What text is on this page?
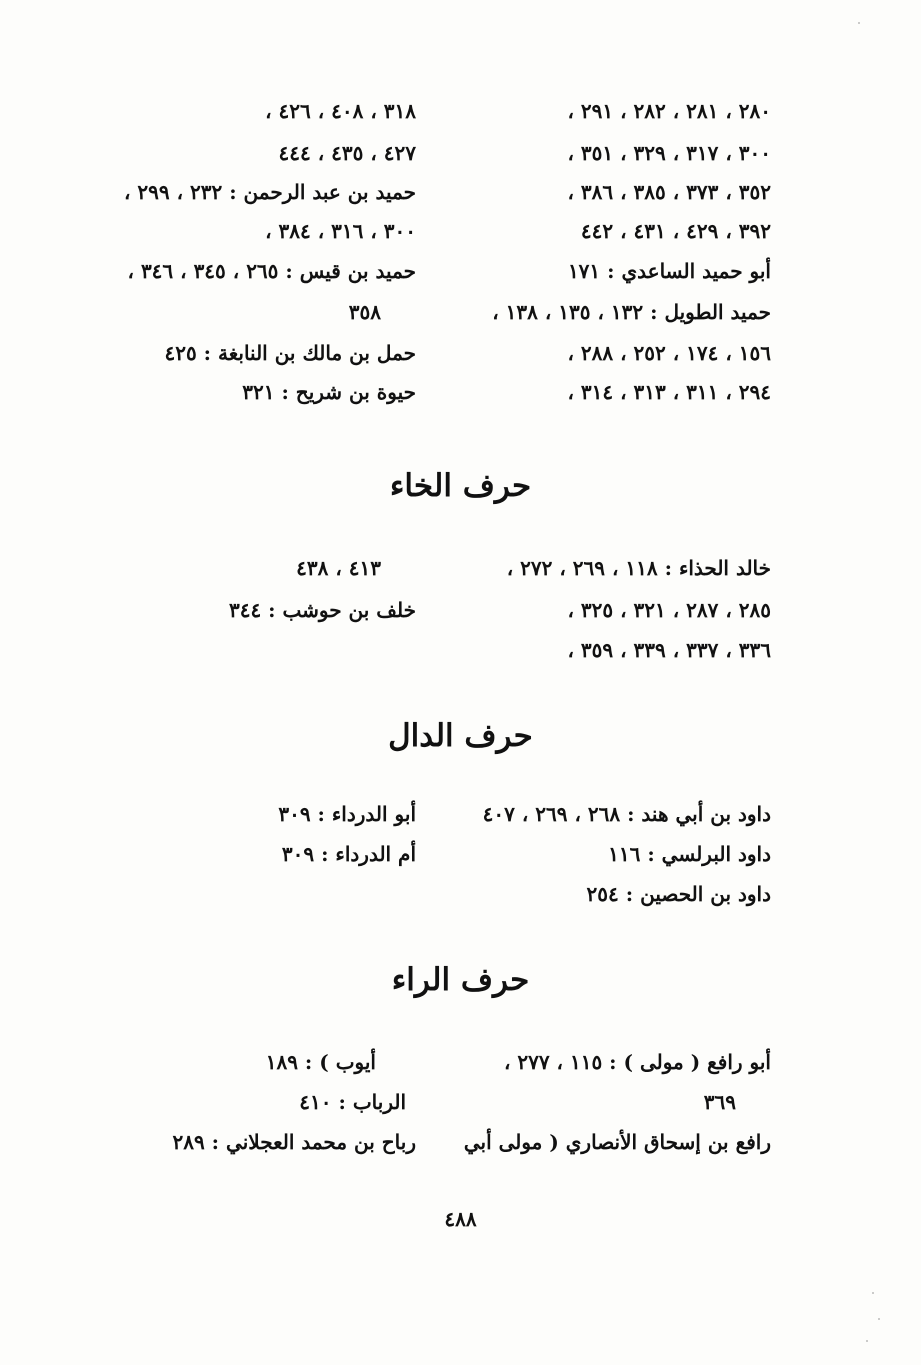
٢٨٠ ، ٢٨١ ، ٢٨٢ ، ٢٩١ ،
٣٠٠ ، ٣١٧ ، ٣٢٩ ، ٣٥١ ،
٣٥٢ ، ٣٧٣ ، ٣٨٥ ، ٣٨٦ ،
٣٩٢ ، ٤٢٩ ، ٤٣١ ، ٤٤٢
أبو حميد الساعدي : ١٧١
حميد الطويل : ١٣٢ ، ١٣٥ ، ١٣٨ ،
١٥٦ ، ١٧٤ ، ٢٥٢ ، ٢٨٨ ،
٢٩٤ ، ٣١١ ، ٣١٣ ، ٣١٤ ،
٣١٨ ، ٤٠٨ ، ٤٢٦ ،
٤٢٧ ، ٤٣٥ ، ٤٤٤
حميد بن عبد الرحمن : ٢٣٢ ، ٢٩٩ ،
٣٠٠ ، ٣١٦ ، ٣٨٤ ،
حميد بن قيس : ٢٦٥ ، ٣٤٥ ، ٣٤٦ ،
٣٥٨
حمل بن مالك بن النابغة : ٤٢٥
حيوة بن شريح : ٣٢١
حرف الخاء
خالد الحذاء : ١١٨ ، ٢٦٩ ، ٢٧٢ ،
٢٨٥ ، ٢٨٧ ، ٣٢١ ، ٣٢٥ ،
٣٣٦ ، ٣٣٧ ، ٣٣٩ ، ٣٥٩ ،
٤١٣ ، ٤٣٨
خلف بن حوشب : ٣٤٤
حرف الدال
داود بن أبي هند : ٢٦٨ ، ٢٦٩ ، ٤٠٧
داود البرلسي : ١١٦
داود بن الحصين : ٢٥٤
أبو الدرداء : ٣٠٩
أم الدرداء : ٣٠٩
حرف الراء
أبو رافع ( مولى ) : ١١٥ ، ٢٧٧ ،
٣٦٩
رافع بن إسحاق الأنصاري ( مولى أبي
أيوب ) : ١٨٩
الرباب : ٤١٠
رباح بن محمد العجلاني : ٢٨٩
٤٨٨
